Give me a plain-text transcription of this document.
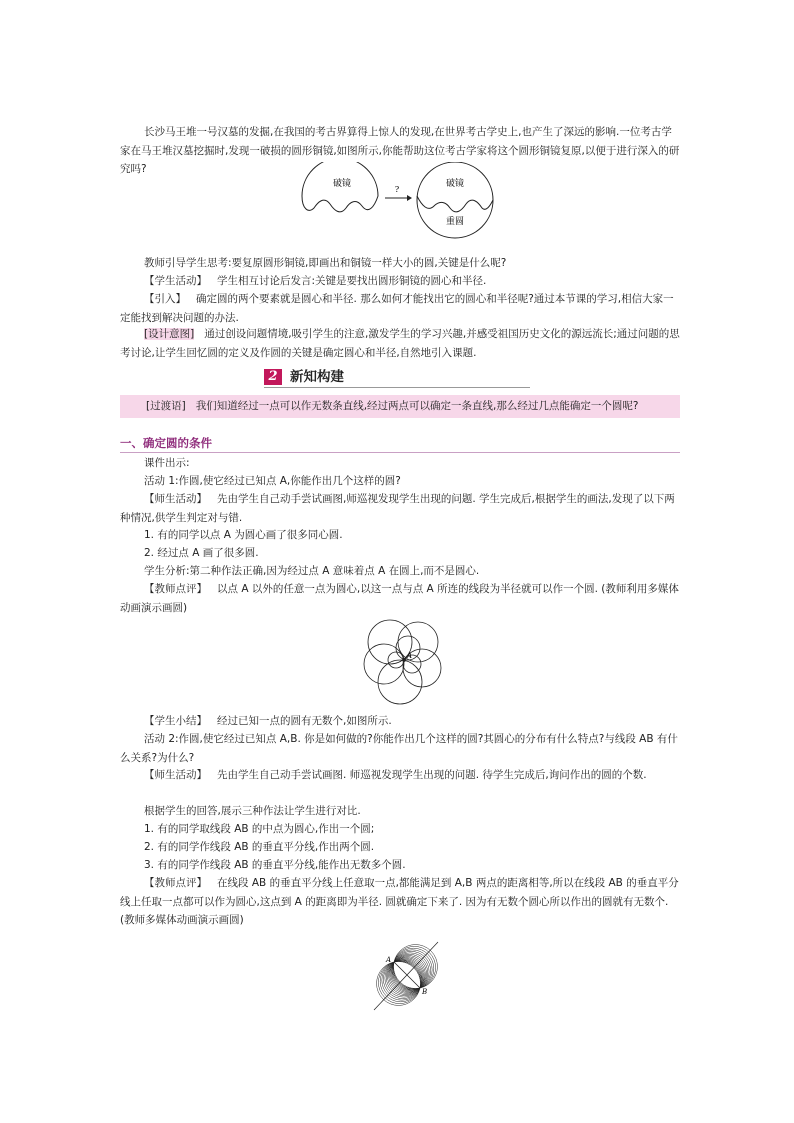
长沙马王堆一号汉墓的发掘,在我国的考古界算得上惊人的发现,在世界考古学史上,也产生了深远的影响.一位考古学家在马王堆汉墓挖掘时,发现一破损的圆形铜镜,如图所示,你能帮助这位考古学家将这个圆形铜镜复原,以便于进行深入的研究吗?

破镜
?
破镜
重圆

教师引导学生思考:要复原圆形铜镜,即画出和铜镜一样大小的圆,关键是什么呢?

【学生活动】 学生相互讨论后发言:关键是要找出圆形铜镜的圆心和半径.

【引入】 确定圆的两个要素就是圆心和半径. 那么如何才能找出它的圆心和半径呢?通过本节课的学习,相信大家一定能找到解决问题的办法.

[设计意图] 通过创设问题情境,吸引学生的注意,激发学生的学习兴趣,并感受祖国历史文化的源远流长;通过问题的思考讨论,让学生回忆圆的定义及作圆的关键是确定圆心和半径,自然地引入课题.

2 新知构建

[过渡语] 我们知道经过一点可以作无数条直线,经过两点可以确定一条直线,那么经过几点能确定一个圆呢?

一、确定圆的条件

课件出示:

活动 1:作圆,使它经过已知点 A,你能作出几个这样的圆?

【师生活动】 先由学生自己动手尝试画图,师巡视发现学生出现的问题. 学生完成后,根据学生的画法,发现了以下两种情况,供学生判定对与错.

1. 有的同学以点 A 为圆心画了很多同心圆.

2. 经过点 A 画了很多圆.

学生分析:第二种作法正确,因为经过点 A 意味着点 A 在圆上,而不是圆心.

【教师点评】 以点 A 以外的任意一点为圆心,以这一点与点 A 所连的线段为半径就可以作一个圆. (教师利用多媒体动画演示画圆)

A

【学生小结】 经过已知一点的圆有无数个,如图所示.

活动 2:作圆,使它经过已知点 A,B. 你是如何做的?你能作出几个这样的圆?其圆心的分布有什么特点?与线段 AB 有什么关系?为什么?

【师生活动】 先由学生自己动手尝试画图. 师巡视发现学生出现的问题. 待学生完成后,询问作出的圆的个数.

根据学生的回答,展示三种作法让学生进行对比.

1. 有的同学取线段 AB 的中点为圆心,作出一个圆;

2. 有的同学作线段 AB 的垂直平分线,作出两个圆.

3. 有的同学作线段 AB 的垂直平分线,能作出无数多个圆.

【教师点评】 在线段 AB 的垂直平分线上任意取一点,都能满足到 A,B 两点的距离相等,所以在线段 AB 的垂直平分线上任取一点都可以作为圆心,这点到 A 的距离即为半径. 圆就确定下来了. 因为有无数个圆心所以作出的圆就有无数个. (教师多媒体动画演示画圆)

A
B
